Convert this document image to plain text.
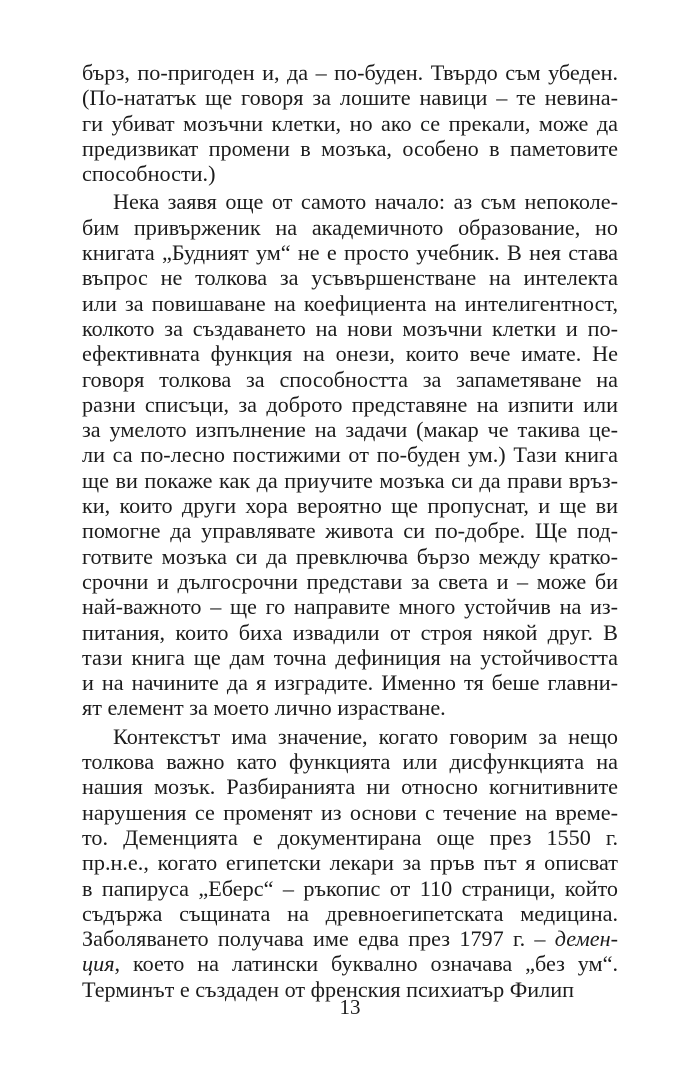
бърз, по-пригоден и, да – по-буден. Твърдо съм убеден.
(По-нататък ще говоря за лошите навици – те невина-
ги убиват мозъчни клетки, но ако се прекали, може да
предизвикат промени в мозъка, особено в паметовите
способности.)
Нека заявя още от самото начало: аз съм непоколе-
бим привърженик на академичното образование, но
книгата „Будният ум“ не е просто учебник. В нея става
въпрос не толкова за усъвършенстване на интелекта
или за повишаване на коефициента на интелигентност,
колкото за създаването на нови мозъчни клетки и по-
ефективната функция на онези, които вече имате. Не
говоря толкова за способността за запаметяване на
разни списъци, за доброто представяне на изпити или
за умелото изпълнение на задачи (макар че такива це-
ли са по-лесно постижими от по-буден ум.) Тази книга
ще ви покаже как да приучите мозъка си да прави връз-
ки, които други хора вероятно ще пропуснат, и ще ви
помогне да управлявате живота си по-добре. Ще под-
готвите мозъка си да превключва бързо между кратко-
срочни и дългосрочни представи за света и – може би
най-важното – ще го направите много устойчив на из-
питания, които биха извадили от строя някой друг. В
тази книга ще дам точна дефиниция на устойчивостта
и на начините да я изградите. Именно тя беше главни-
ят елемент за моето лично израстване.
Контекстът има значение, когато говорим за нещо
толкова важно като функцията или дисфункцията на
нашия мозък. Разбиранията ни относно когнитивните
нарушения се променят из основи с течение на време-
то. Деменцията е документирана още през 1550 г.
пр.н.е., когато египетски лекари за пръв път я описват
в папируса „Еберс“ – ръкопис от 110 страници, който
съдържа същината на древноегипетската медицина.
Заболяването получава име едва през 1797 г. – демен-
ция, което на латински буквално означава „без ум“.
Терминът е създаден от френския психиатър Филип
13
